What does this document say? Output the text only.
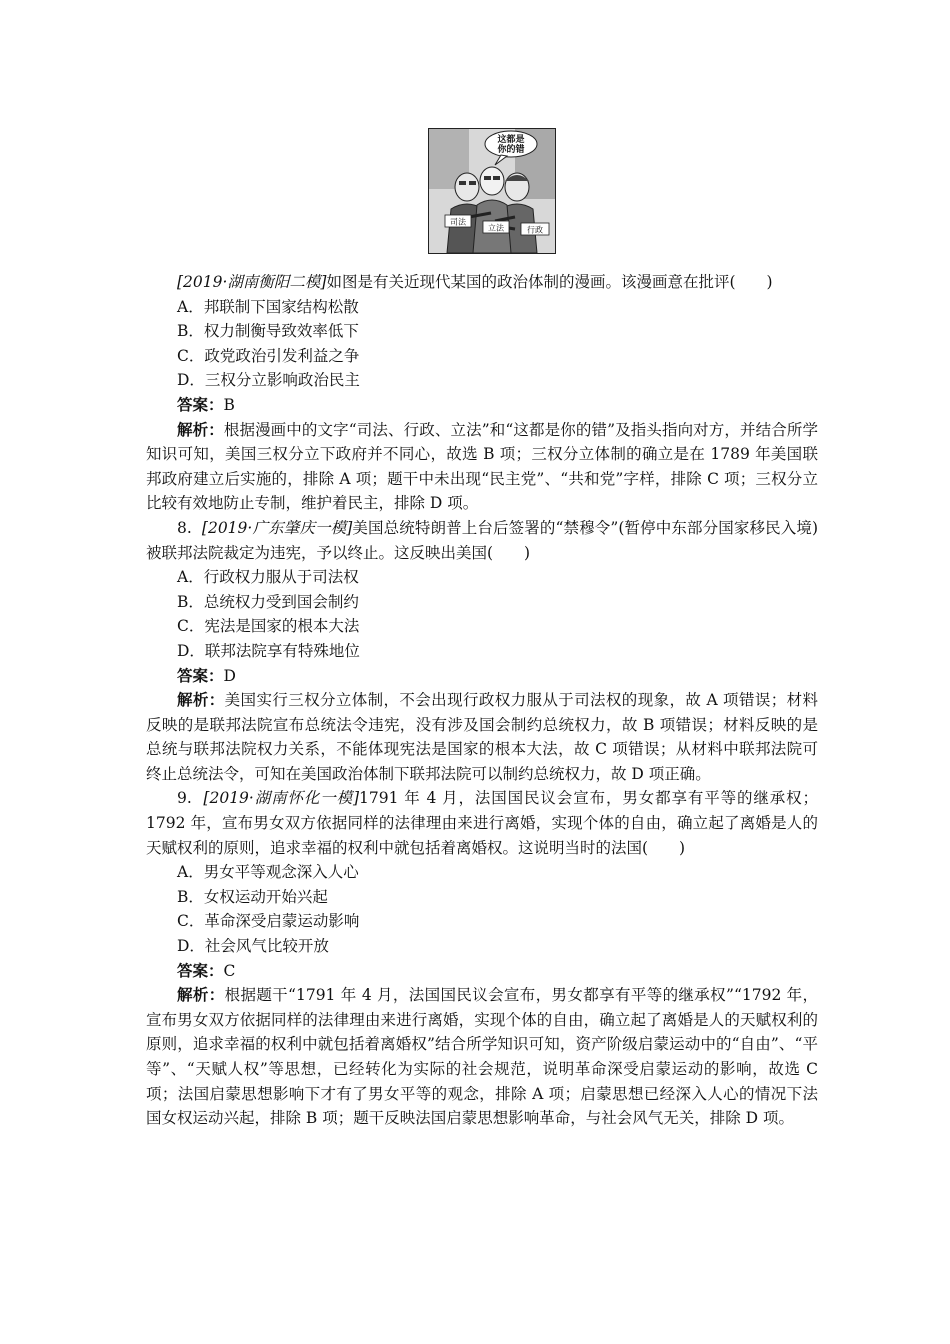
这都是
你的错
司法
立法	行政

[2019·湖南衡阳二模]如图是有关近现代某国的政治体制的漫画。该漫画意在批评(　　)

A．邦联制下国家结构松散

B．权力制衡导致效率低下

C．政党政治引发利益之争

D．三权分立影响政治民主

答案：B

解析：根据漫画中的文字“司法、行政、立法”和“这都是你的错”及指头指向对方，并结合所学知识可知，美国三权分立下政府并不同心，故选 B 项；三权分立体制的确立是在 1789 年美国联邦政府建立后实施的，排除 A 项；题干中未出现“民主党”、“共和党”字样，排除 C 项；三权分立比较有效地防止专制，维护着民主，排除 D 项。

8. [2019·广东肇庆一模]美国总统特朗普上台后签署的“禁穆令”(暂停中东部分国家移民入境)被联邦法院裁定为违宪，予以终止。这反映出美国(　　)

A．行政权力服从于司法权

B．总统权力受到国会制约

C．宪法是国家的根本大法

D．联邦法院享有特殊地位

答案：D

解析：美国实行三权分立体制，不会出现行政权力服从于司法权的现象，故 A 项错误；材料反映的是联邦法院宣布总统法令违宪，没有涉及国会制约总统权力，故 B 项错误；材料反映的是总统与联邦法院权力关系，不能体现宪法是国家的根本大法，故 C 项错误；从材料中联邦法院可终止总统法令，可知在美国政治体制下联邦法院可以制约总统权力，故 D 项正确。

9. [2019·湖南怀化一模]1791 年 4 月，法国国民议会宣布，男女都享有平等的继承权；1792 年，宣布男女双方依据同样的法律理由来进行离婚，实现个体的自由，确立起了离婚是人的天赋权利的原则，追求幸福的权利中就包括着离婚权。这说明当时的法国(　　)

A．男女平等观念深入人心

B．女权运动开始兴起

C．革命深受启蒙运动影响

D．社会风气比较开放

答案：C

解析：根据题干“1791 年 4 月，法国国民议会宣布，男女都享有平等的继承权”“1792 年，宣布男女双方依据同样的法律理由来进行离婚，实现个体的自由，确立起了离婚是人的天赋权利的原则，追求幸福的权利中就包括着离婚权”结合所学知识可知，资产阶级启蒙运动中的“自由”、“平等”、“天赋人权”等思想，已经转化为实际的社会规范，说明革命深受启蒙运动的影响，故选 C 项；法国启蒙思想影响下才有了男女平等的观念，排除 A 项；启蒙思想已经深入人心的情况下法国女权运动兴起，排除 B 项；题干反映法国启蒙思想影响革命，与社会风气无关，排除 D 项。
